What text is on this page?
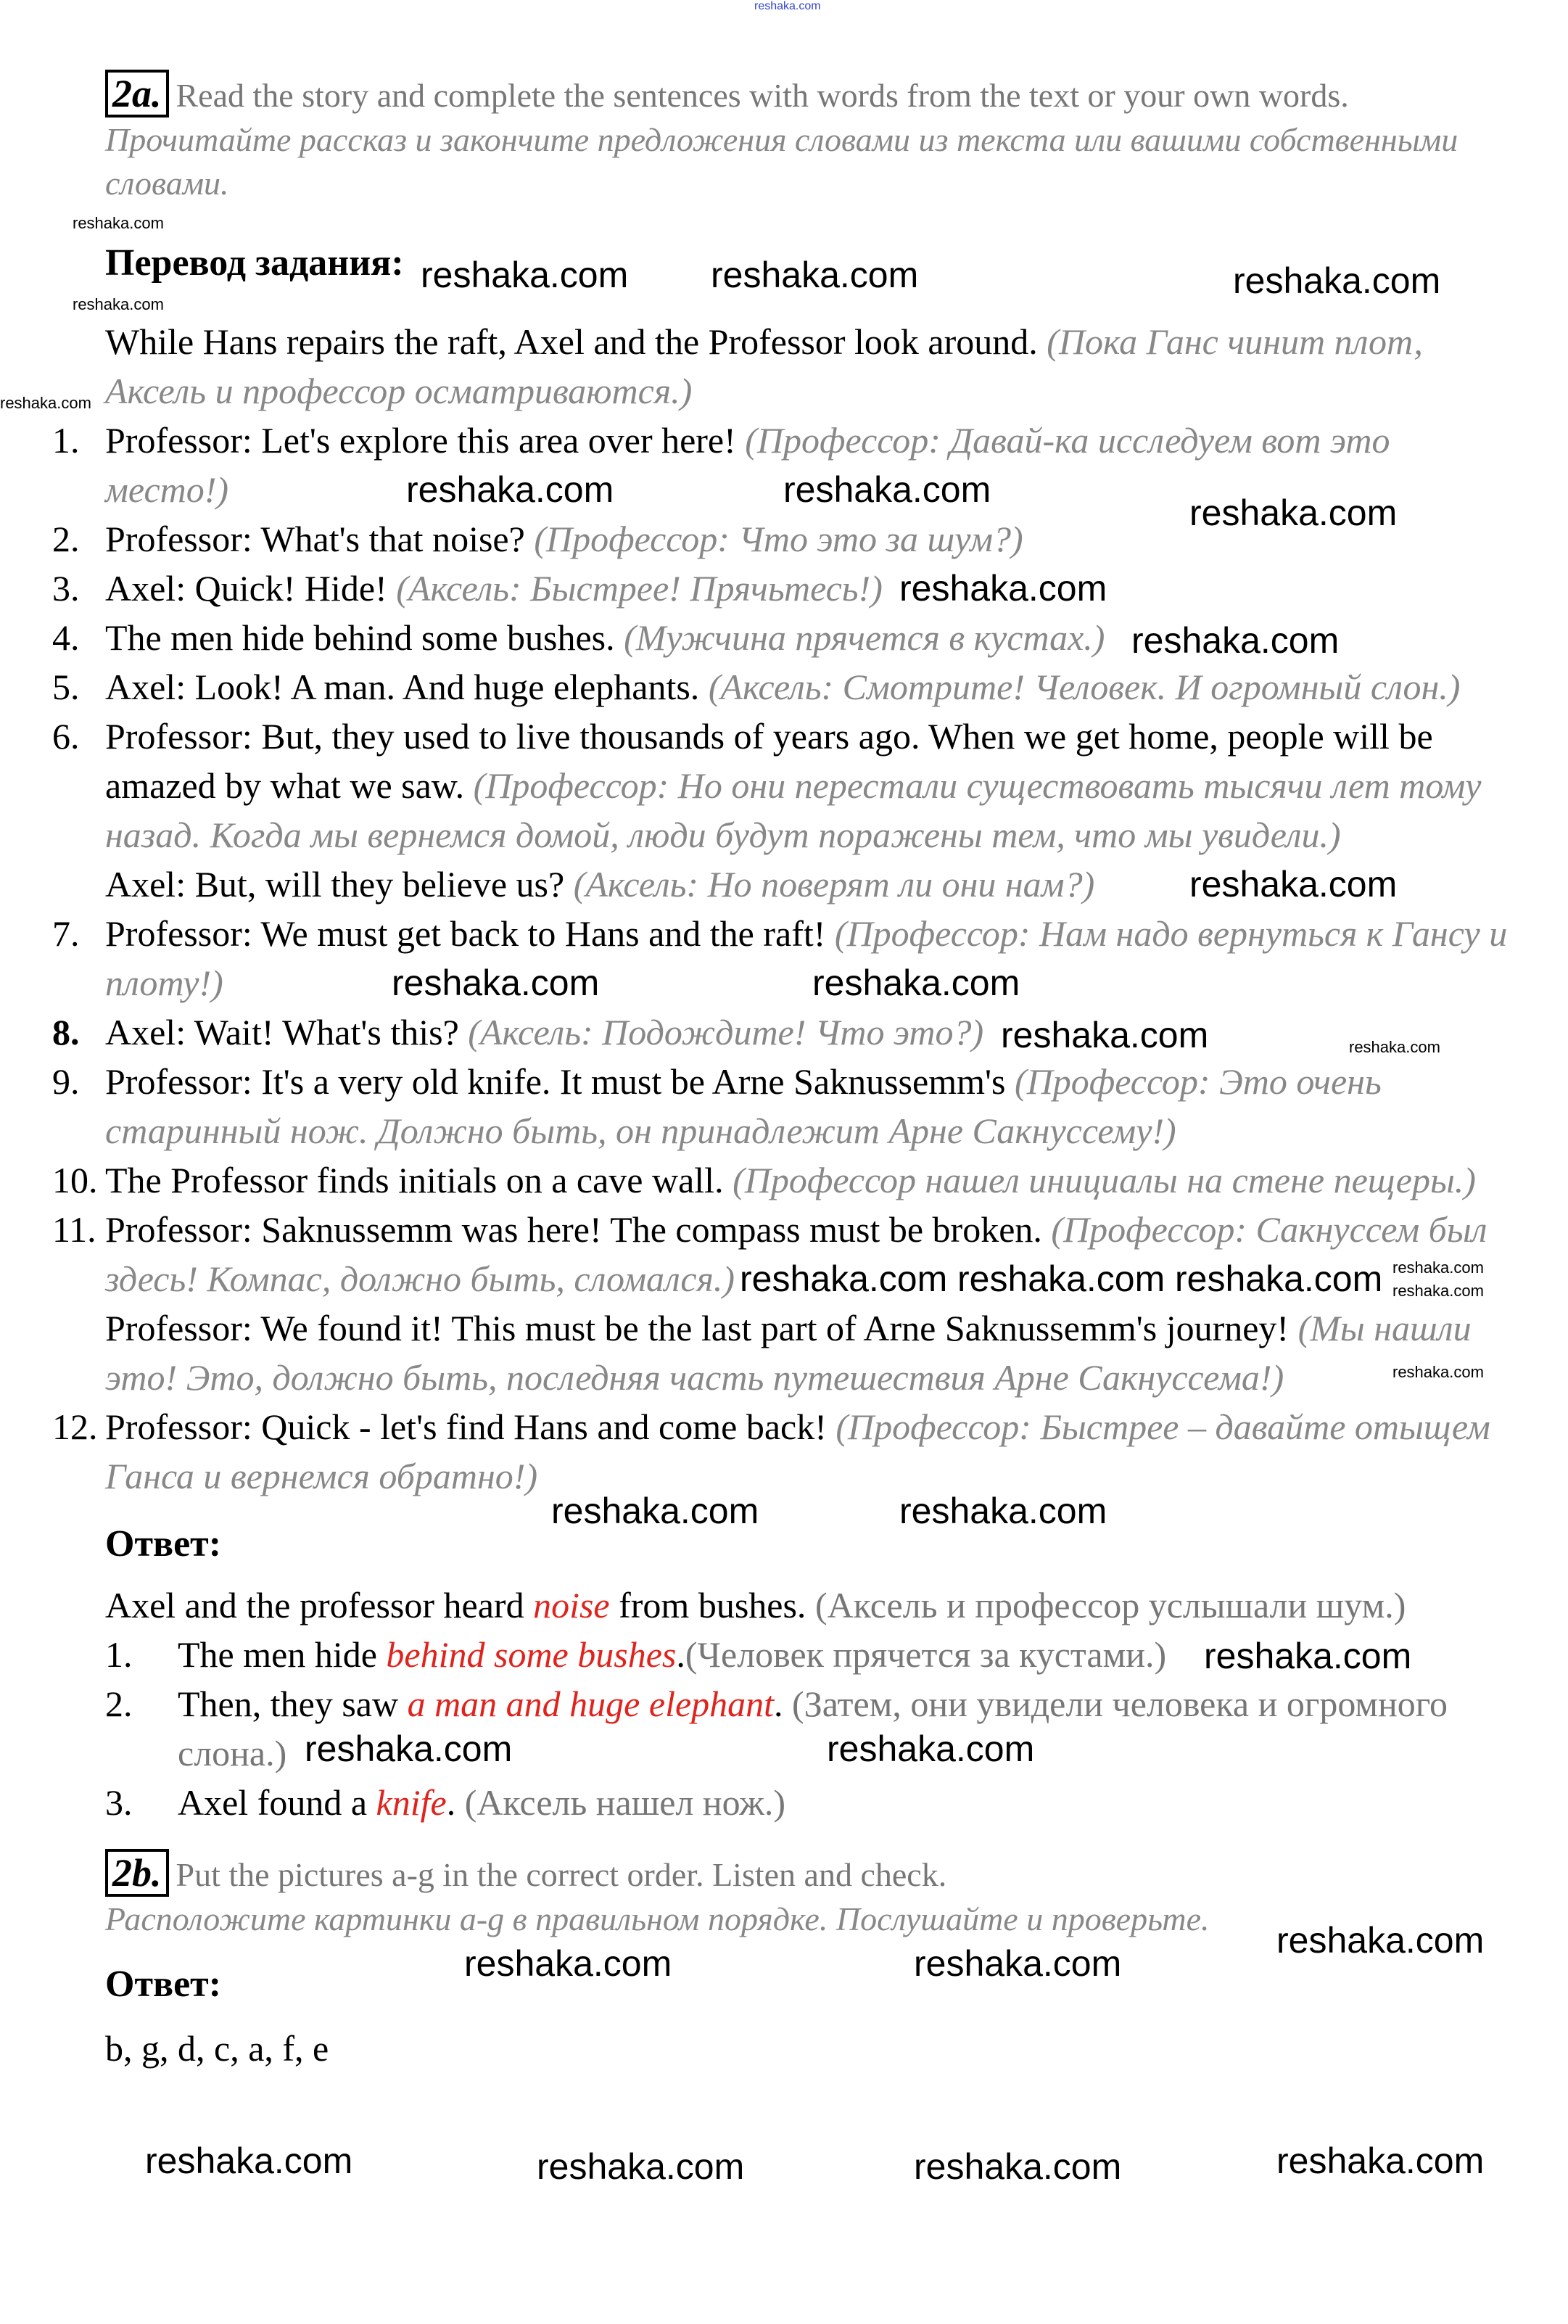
reshaka.com
2a. Read the story and complete the sentences with words from the text or your own words.
Прочитайте рассказ и закончите предложения словами из текста или вашими собственными словами.
Перевод задания:

While Hans repairs the raft, Axel and the Professor look around. (Пока Ганс чинит плот, Аксель и профессор осматриваются.)

1. Professor: Let's explore this area over here! (Профессор: Давай-ка исследуем вот это место!)

2. Professor: What's that noise? (Профессор: Что это за шум?)

3. Axel: Quick! Hide! (Аксель: Быстрее! Прячьтесь!)

4. The men hide behind some bushes. (Мужчина прячется в кустах.)

5. Axel: Look! A man. And huge elephants. (Аксель: Смотрите! Человек. И огромный слон.)

6. Professor: But, they used to live thousands of years ago. When we get home, people will be amazed by what we saw. (Профессор: Но они перестали существовать тысячи лет тому назад. Когда мы вернемся домой, люди будут поражены тем, что мы увидели.)

Axel: But, will they believe us? (Аксель: Но поверят ли они нам?)

7. Professor: We must get back to Hans and the raft! (Профессор: Нам надо вернуться к Гансу и плоту!)

8. Axel: Wait! What's this? (Аксель: Подождите! Что это?)

9. Professor: It's a very old knife. It must be Arne Saknussemm's (Профессор: Это очень старинный нож. Должно быть, он принадлежит Арне Сакнуссему!)

10. The Professor finds initials on a cave wall. (Профессор нашел инициалы на стене пещеры.)

11. Professor: Saknussemm was here! The compass must be broken. (Профессор: Сакнуссем был здесь! Компас, должно быть, сломался.)

Professor: We found it! This must be the last part of Arne Saknussemm's journey! (Мы нашли это! Это, должно быть, последняя часть путешествия Арне Сакнуссема!)

12. Professor: Quick - let's find Hans and come back! (Профессор: Быстрее – давайте отыщем Ганса и вернемся обратно!)

Ответ:

Axel and the professor heard noise from bushes. (Аксель и профессор услышали шум.)

1. The men hide behind some bushes.(Человек прячется за кустами.)

2. Then, they saw a man and huge elephant. (Затем, они увидели человека и огромного слона.)

3. Axel found a knife. (Аксель нашел нож.)

2b. Put the pictures a-g in the correct order. Listen and check.
Расположите картинки a-g в правильном порядке. Послушайте и проверьте.
Ответ:

b, g, d, c, a, f, e

reshaka.com reshaka.com	reshaka.com
reshaka.com	reshaka.com
reshaka.com
reshaka.com
reshaka.com
reshaka.com
reshaka.com
reshaka.com
reshaka.com
reshaka.com
reshaka.com reshaka.com
reshaka.com	reshaka.com
reshaka.com	reshaka.com
reshaka.com
reshaka.com	reshaka.com
reshaka.com
reshaka.com	reshaka.com	reshaka.com	reshaka.com
reshaka.com
reshaka.com
reshaka.com
reshaka.com
reshaka.com
reshaka.com
reshaka.com
